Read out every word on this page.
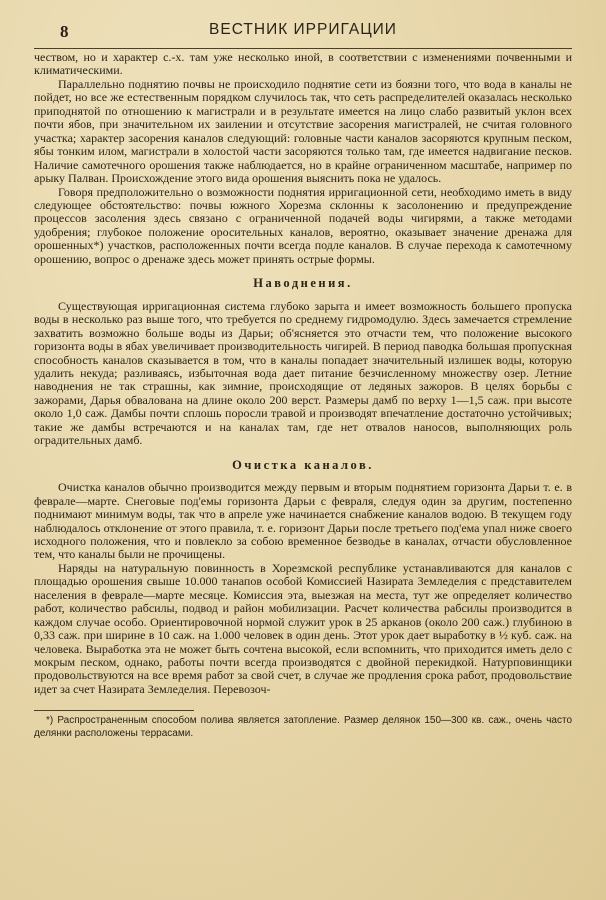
8	ВЕСТНИК ИРРИГАЦИИ

чеством, но и характер с.-х. там уже несколько иной, в соответствии с изменениями почвенными и климатическими.

Параллельно поднятию почвы не происходило поднятие сети из боязни того, что вода в каналы не пойдет, но все же естественным порядком случилось так, что сеть распределителей оказалась несколько приподнятой по отношению к магистрали и в результате имеется на лицо слабо развитый уклон всех почти ябов, при значительном их заилении и отсутствие засорения магистралей, не считая головного участка; характер засорения каналов следующий: головные части каналов засоряются крупным песком, ябы тонким илом, магистрали в холостой части засоряются только там, где имеется надвигание песков. Наличие самотечного орошения также наблюдается, но в крайне ограниченном масштабе, например по арыку Палван. Происхождение этого вида орошения выяснить пока не удалось.

Говоря предположительно о возможности поднятия ирригационной сети, необходимо иметь в виду следующее обстоятельство: почвы южного Хорезма склонны к засолонению и предупреждение процессов засоления здесь связано с ограниченной подачей воды чигирями, а также методами удобрения; глубокое положение оросительных каналов, вероятно, оказывает значение дренажа для орошенных*) участков, расположенных почти всегда подле каналов. В случае перехода к самотечному орошению, вопрос о дренаже здесь может принять острые формы.

Наводнения.

Существующая ирригационная система глубоко зарыта и имеет возможность большего пропуска воды в несколько раз выше того, что требуется по среднему гидромодулю. Здесь замечается стремление захватить возможно больше воды из Дарьи; об'ясняется это отчасти тем, что положение высокого горизонта воды в ябах увеличивает производительность чигирей. В период паводка большая пропускная способность каналов сказывается в том, что в каналы попадает значительный излишек воды, которую удалить некуда; разливаясь, избыточная вода дает питание безчисленному множеству озер. Летние наводнения не так страшны, как зимние, происходящие от ледяных зажоров. В целях борьбы с зажорами, Дарья обвалована на длине около 200 верст. Размеры дамб по верху 1—1,5 саж. при высоте около 1,0 саж. Дамбы почти сплошь поросли травой и производят впечатление достаточно устойчивых; такие же дамбы встречаются и на каналах там, где нет отвалов наносов, выполняющих роль оградительных дамб.

Очистка каналов.

Очистка каналов обычно производится между первым и вторым поднятием горизонта Дарьи т. е. в феврале—марте. Снеговые под'емы горизонта Дарьи с февраля, следуя один за другим, постепенно поднимают минимум воды, так что в апреле уже начинается снабжение каналов водою. В текущем году наблюдалось отклонение от этого правила, т. е. горизонт Дарьи после третьего под'ема упал ниже своего исходного положения, что и повлекло за собою временное безводье в каналах, отчасти обусловленное тем, что каналы были не прочищены.

Наряды на натуральную повинность в Хорезмской республике устанавливаются для каналов с площадью орошения свыше 10.000 танапов особой Комиссией Назирата Земледелия с представителем населения в феврале—марте месяце. Комиссия эта, выезжая на места, тут же определяет количество работ, количество рабсилы, подвод и район мобилизации. Расчет количества рабсилы производится в каждом случае особо. Ориентировочной нормой служит урок в 25 арканов (около 200 саж.) глубиною в 0,33 саж. при ширине в 10 саж. на 1.000 человек в один день. Этот урок дает выработку в ½ куб. саж. на человека. Выработка эта не может быть сочтена высокой, если вспомнить, что приходится иметь дело с мокрым песком, однако, работы почти всегда производятся с двойной перекидкой. Натурповинщики продовольствуются на все время работ за свой счет, в случае же продления срока работ, продовольствие идет за счет Назирата Земледелия. Перевозоч-

*) Распространенным способом полива является затопление. Размер делянок 150—300 кв. саж., очень часто делянки расположены террасами.
